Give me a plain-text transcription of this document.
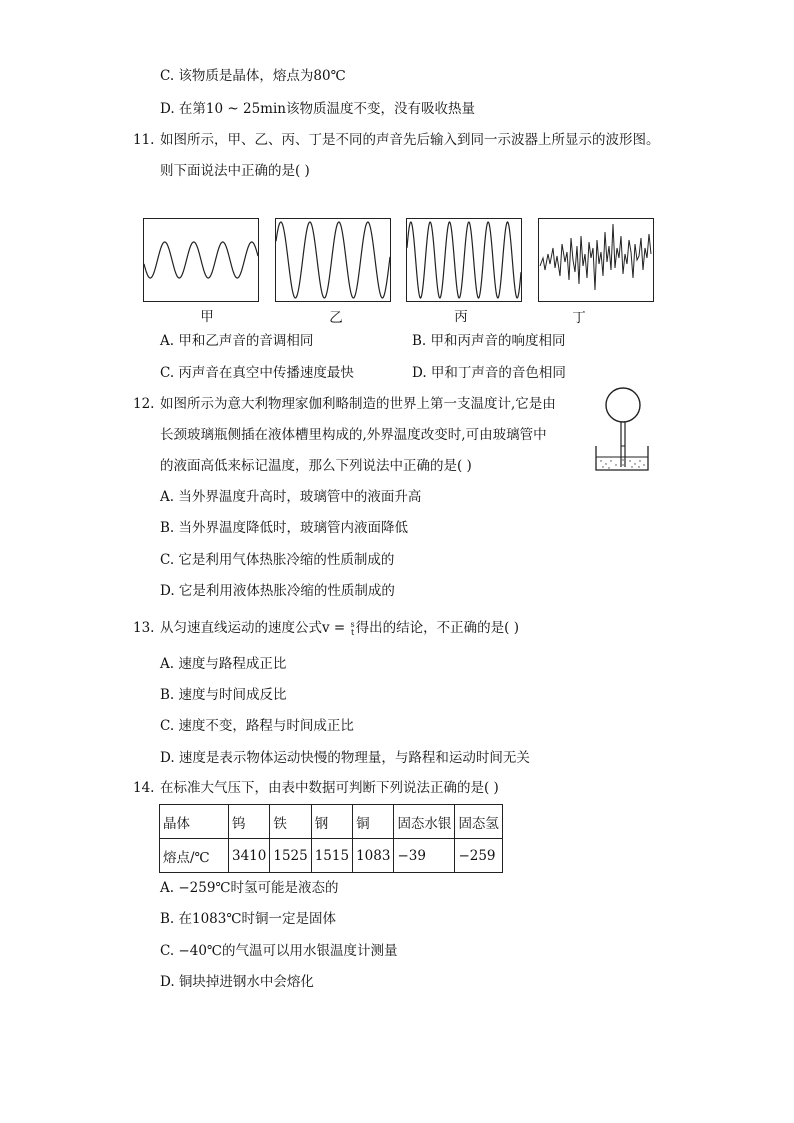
C. 该物质是晶体，熔点为80℃
D. 在第10 ~ 25min该物质温度不变，没有吸收热量
11. 如图所示，甲、乙、丙、丁是不同的声音先后输入到同一示波器上所显示的波形图。
则下面说法中正确的是( )
甲	乙	丙	丁
A. 甲和乙声音的音调相同	B. 甲和丙声音的响度相同
C. 丙声音在真空中传播速度最快	D. 甲和丁声音的音色相同
12. 如图所示为意大利物理家伽利略制造的世界上第一支温度计,它是由
长颈玻璃瓶侧插在液体槽里构成的,外界温度改变时,可由玻璃管中
的液面高低来标记温度，那么下列说法中正确的是( )
A. 当外界温度升高时，玻璃管中的液面升高
B. 当外界温度降低时，玻璃管内液面降低
C. 它是利用气体热胀冷缩的性质制成的
D. 它是利用液体热胀冷缩的性质制成的
13. 从匀速直线运动的速度公式v = s
t 得出的结论，不正确的是( )
A. 速度与路程成正比
B. 速度与时间成反比
C. 速度不变，路程与时间成正比
D. 速度是表示物体运动快慢的物理量，与路程和运动时间无关
14. 在标准大气压下，由表中数据可判断下列说法正确的是( )
晶体	钨	铁	钢	铜	固态水银	固态氢
熔点/℃	3410	1525	1515	1083	−39	−259
A. −259℃时氢可能是液态的
B. 在1083℃时铜一定是固体
C. −40℃的气温可以用水银温度计测量
D. 铜块掉进钢水中会熔化
